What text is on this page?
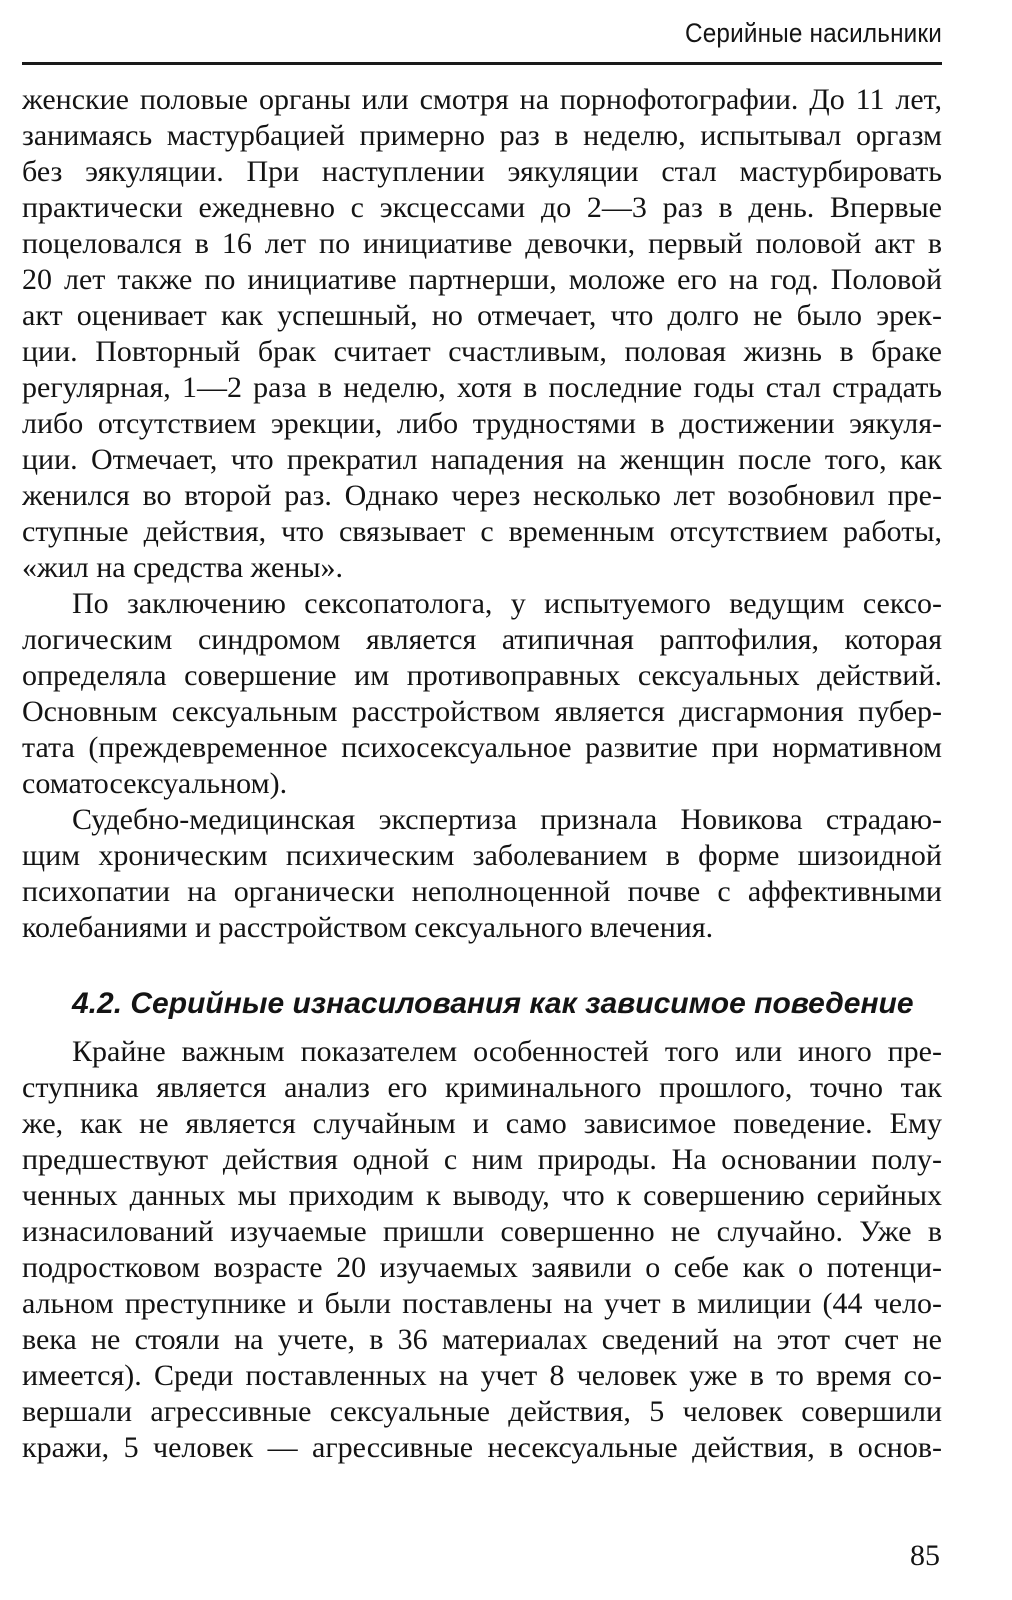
Серийные насильники
женские половые органы или смотря на порнофотографии. До 11 лет,
занимаясь мастурбацией примерно раз в неделю, испытывал оргазм
без эякуляции. При наступлении эякуляции стал мастурбировать
практически ежедневно с эксцессами до 2—3 раз в день. Впервые
поцеловался в 16 лет по инициативе девочки, первый половой акт в
20 лет также по инициативе партнерши, моложе его на год. Половой
акт оценивает как успешный, но отмечает, что долго не было эрек-
ции. Повторный брак считает счастливым, половая жизнь в браке
регулярная, 1—2 раза в неделю, хотя в последние годы стал страдать
либо отсутствием эрекции, либо трудностями в достижении эякуля-
ции. Отмечает, что прекратил нападения на женщин после того, как
женился во второй раз. Однако через несколько лет возобновил пре-
ступные действия, что связывает с временным отсутствием работы,
«жил на средства жены».
По заключению сексопатолога, у испытуемого ведущим сексо-
логическим синдромом является атипичная раптофилия, которая
определяла совершение им противоправных сексуальных действий.
Основным сексуальным расстройством является дисгармония пубер-
тата (преждевременное психосексуальное развитие при нормативном
соматосексуальном).
Судебно-медицинская экспертиза признала Новикова страдаю-
щим хроническим психическим заболеванием в форме шизоидной
психопатии на органически неполноценной почве с аффективными
колебаниями и расстройством сексуального влечения.
4.2. Серийные изнасилования как зависимое поведение
Крайне важным показателем особенностей того или иного пре-
ступника является анализ его криминального прошлого, точно так
же, как не является случайным и само зависимое поведение. Ему
предшествуют действия одной с ним природы. На основании полу-
ченных данных мы приходим к выводу, что к совершению серийных
изнасилований изучаемые пришли совершенно не случайно. Уже в
подростковом возрасте 20 изучаемых заявили о себе как о потенци-
альном преступнике и были поставлены на учет в милиции (44 чело-
века не стояли на учете, в 36 материалах сведений на этот счет не
имеется). Среди поставленных на учет 8 человек уже в то время со-
вершали агрессивные сексуальные действия, 5 человек совершили
кражи, 5 человек — агрессивные несексуальные действия, в основ-
85
